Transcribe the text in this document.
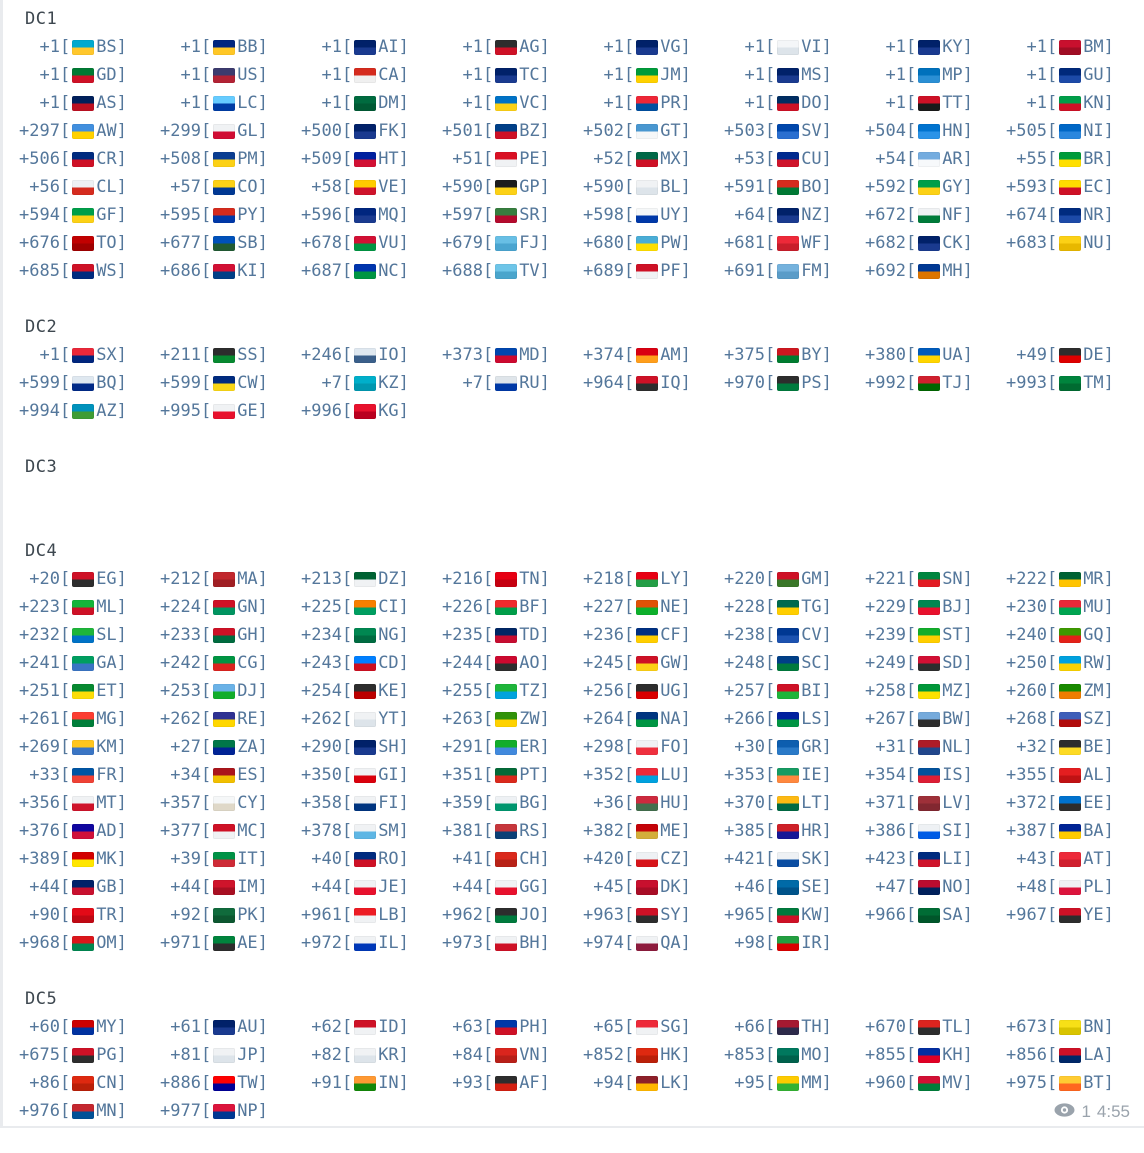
DC1
+1 [ BS]	+1 [ BB]	+1 [ AI]	+1 [ AG]	+1 [ VG]	+1 [ VI]	+1 [ KY]	+1 [ BM]
+1 [ GD]	+1 [ US]	+1 [ CA]	+1 [ TC]	+1 [ JM]	+1 [ MS]	+1 [ MP]	+1 [ GU]
+1 [ AS]	+1 [ LC]	+1 [ DM]	+1 [ VC]	+1 [ PR]	+1 [ DO]	+1 [ TT]	+1 [ KN]
+297 [ AW] +299 [ GL] +500 [ FK] +501 [ BZ] +502 [ GT] +503 [ SV] +504 [ HN] +505 [ NI]
+506 [ CR] +508 [ PM] +509 [ HT]	+51 [ PE]	+52 [ MX]	+53 [ CU]	+54 [ AR]	+55 [ BR]
+56 [ CL]	+57 [ CO]	+58 [ VE] +590 [ GP] +590 [ BL] +591 [ BO] +592 [ GY] +593 [ EC]
+594 [ GF] +595 [ PY] +596 [ MQ] +597 [ SR] +598 [ UY]	+64 [ NZ] +672 [ NF] +674 [ NR]
+676 [ TO] +677 [ SB] +678 [ VU] +679 [ FJ] +680 [ PW] +681 [ WF] +682 [ CK] +683 [ NU]
+685 [ WS] +686 [ KI] +687 [ NC] +688 [ TV] +689 [ PF] +691 [ FM] +692 [ MH]
DC2
+1 [ SX] +211 [ SS] +246 [ IO] +373 [ MD] +374 [ AM] +375 [ BY] +380 [ UA]	+49 [ DE]
+599 [ BQ] +599 [ CW]	+7 [ KZ]	+7 [ RU] +964 [ IQ] +970 [ PS] +992 [ TJ] +993 [ TM]
+994 [ AZ] +995 [ GE] +996 [ KG]
DC3
DC4
+20 [ EG] +212 [ MA] +213 [ DZ] +216 [ TN] +218 [ LY] +220 [ GM] +221 [ SN] +222 [ MR]
+223 [ ML] +224 [ GN] +225 [ CI] +226 [ BF] +227 [ NE] +228 [ TG] +229 [ BJ] +230 [ MU]
+232 [ SL] +233 [ GH] +234 [ NG] +235 [ TD] +236 [ CF] +238 [ CV] +239 [ ST] +240 [ GQ]
+241 [ GA] +242 [ CG] +243 [ CD] +244 [ AO] +245 [ GW] +248 [ SC] +249 [ SD] +250 [ RW]
+251 [ ET] +253 [ DJ] +254 [ KE] +255 [ TZ] +256 [ UG] +257 [ BI] +258 [ MZ] +260 [ ZM]
+261 [ MG] +262 [ RE] +262 [ YT] +263 [ ZW] +264 [ NA] +266 [ LS] +267 [ BW] +268 [ SZ]
+269 [ KM]	+27 [ ZA] +290 [ SH] +291 [ ER] +298 [ FO]	+30 [ GR]	+31 [ NL]	+32 [ BE]
+33 [ FR]	+34 [ ES] +350 [ GI] +351 [ PT] +352 [ LU] +353 [ IE] +354 [ IS] +355 [ AL]
+356 [ MT] +357 [ CY] +358 [ FI] +359 [ BG]	+36 [ HU] +370 [ LT] +371 [ LV] +372 [ EE]
+376 [ AD] +377 [ MC] +378 [ SM] +381 [ RS] +382 [ ME] +385 [ HR] +386 [ SI] +387 [ BA]
+389 [ MK]	+39 [ IT]	+40 [ RO]	+41 [ CH] +420 [ CZ] +421 [ SK] +423 [ LI]	+43 [ AT]
+44 [ GB]	+44 [ IM]	+44 [ JE]	+44 [ GG]	+45 [ DK]	+46 [ SE]	+47 [ NO]	+48 [ PL]
+90 [ TR]	+92 [ PK] +961 [ LB] +962 [ JO] +963 [ SY] +965 [ KW] +966 [ SA] +967 [ YE]
+968 [ OM] +971 [ AE] +972 [ IL] +973 [ BH] +974 [ QA]	+98 [ IR]
DC5
+60 [ MY]	+61 [ AU]	+62 [ ID]	+63 [ PH]	+65 [ SG]	+66 [ TH] +670 [ TL] +673 [ BN]
+675 [ PG]	+81 [ JP]	+82 [ KR]	+84 [ VN] +852 [ HK] +853 [ MO] +855 [ KH] +856 [ LA]
+86 [ CN] +886 [ TW]	+91 [ IN]	+93 [ AF]	+94 [ LK]	+95 [ MM] +960 [ MV] +975 [ BT]
+976 [ MN] +977 [ NP]	1 4:55
